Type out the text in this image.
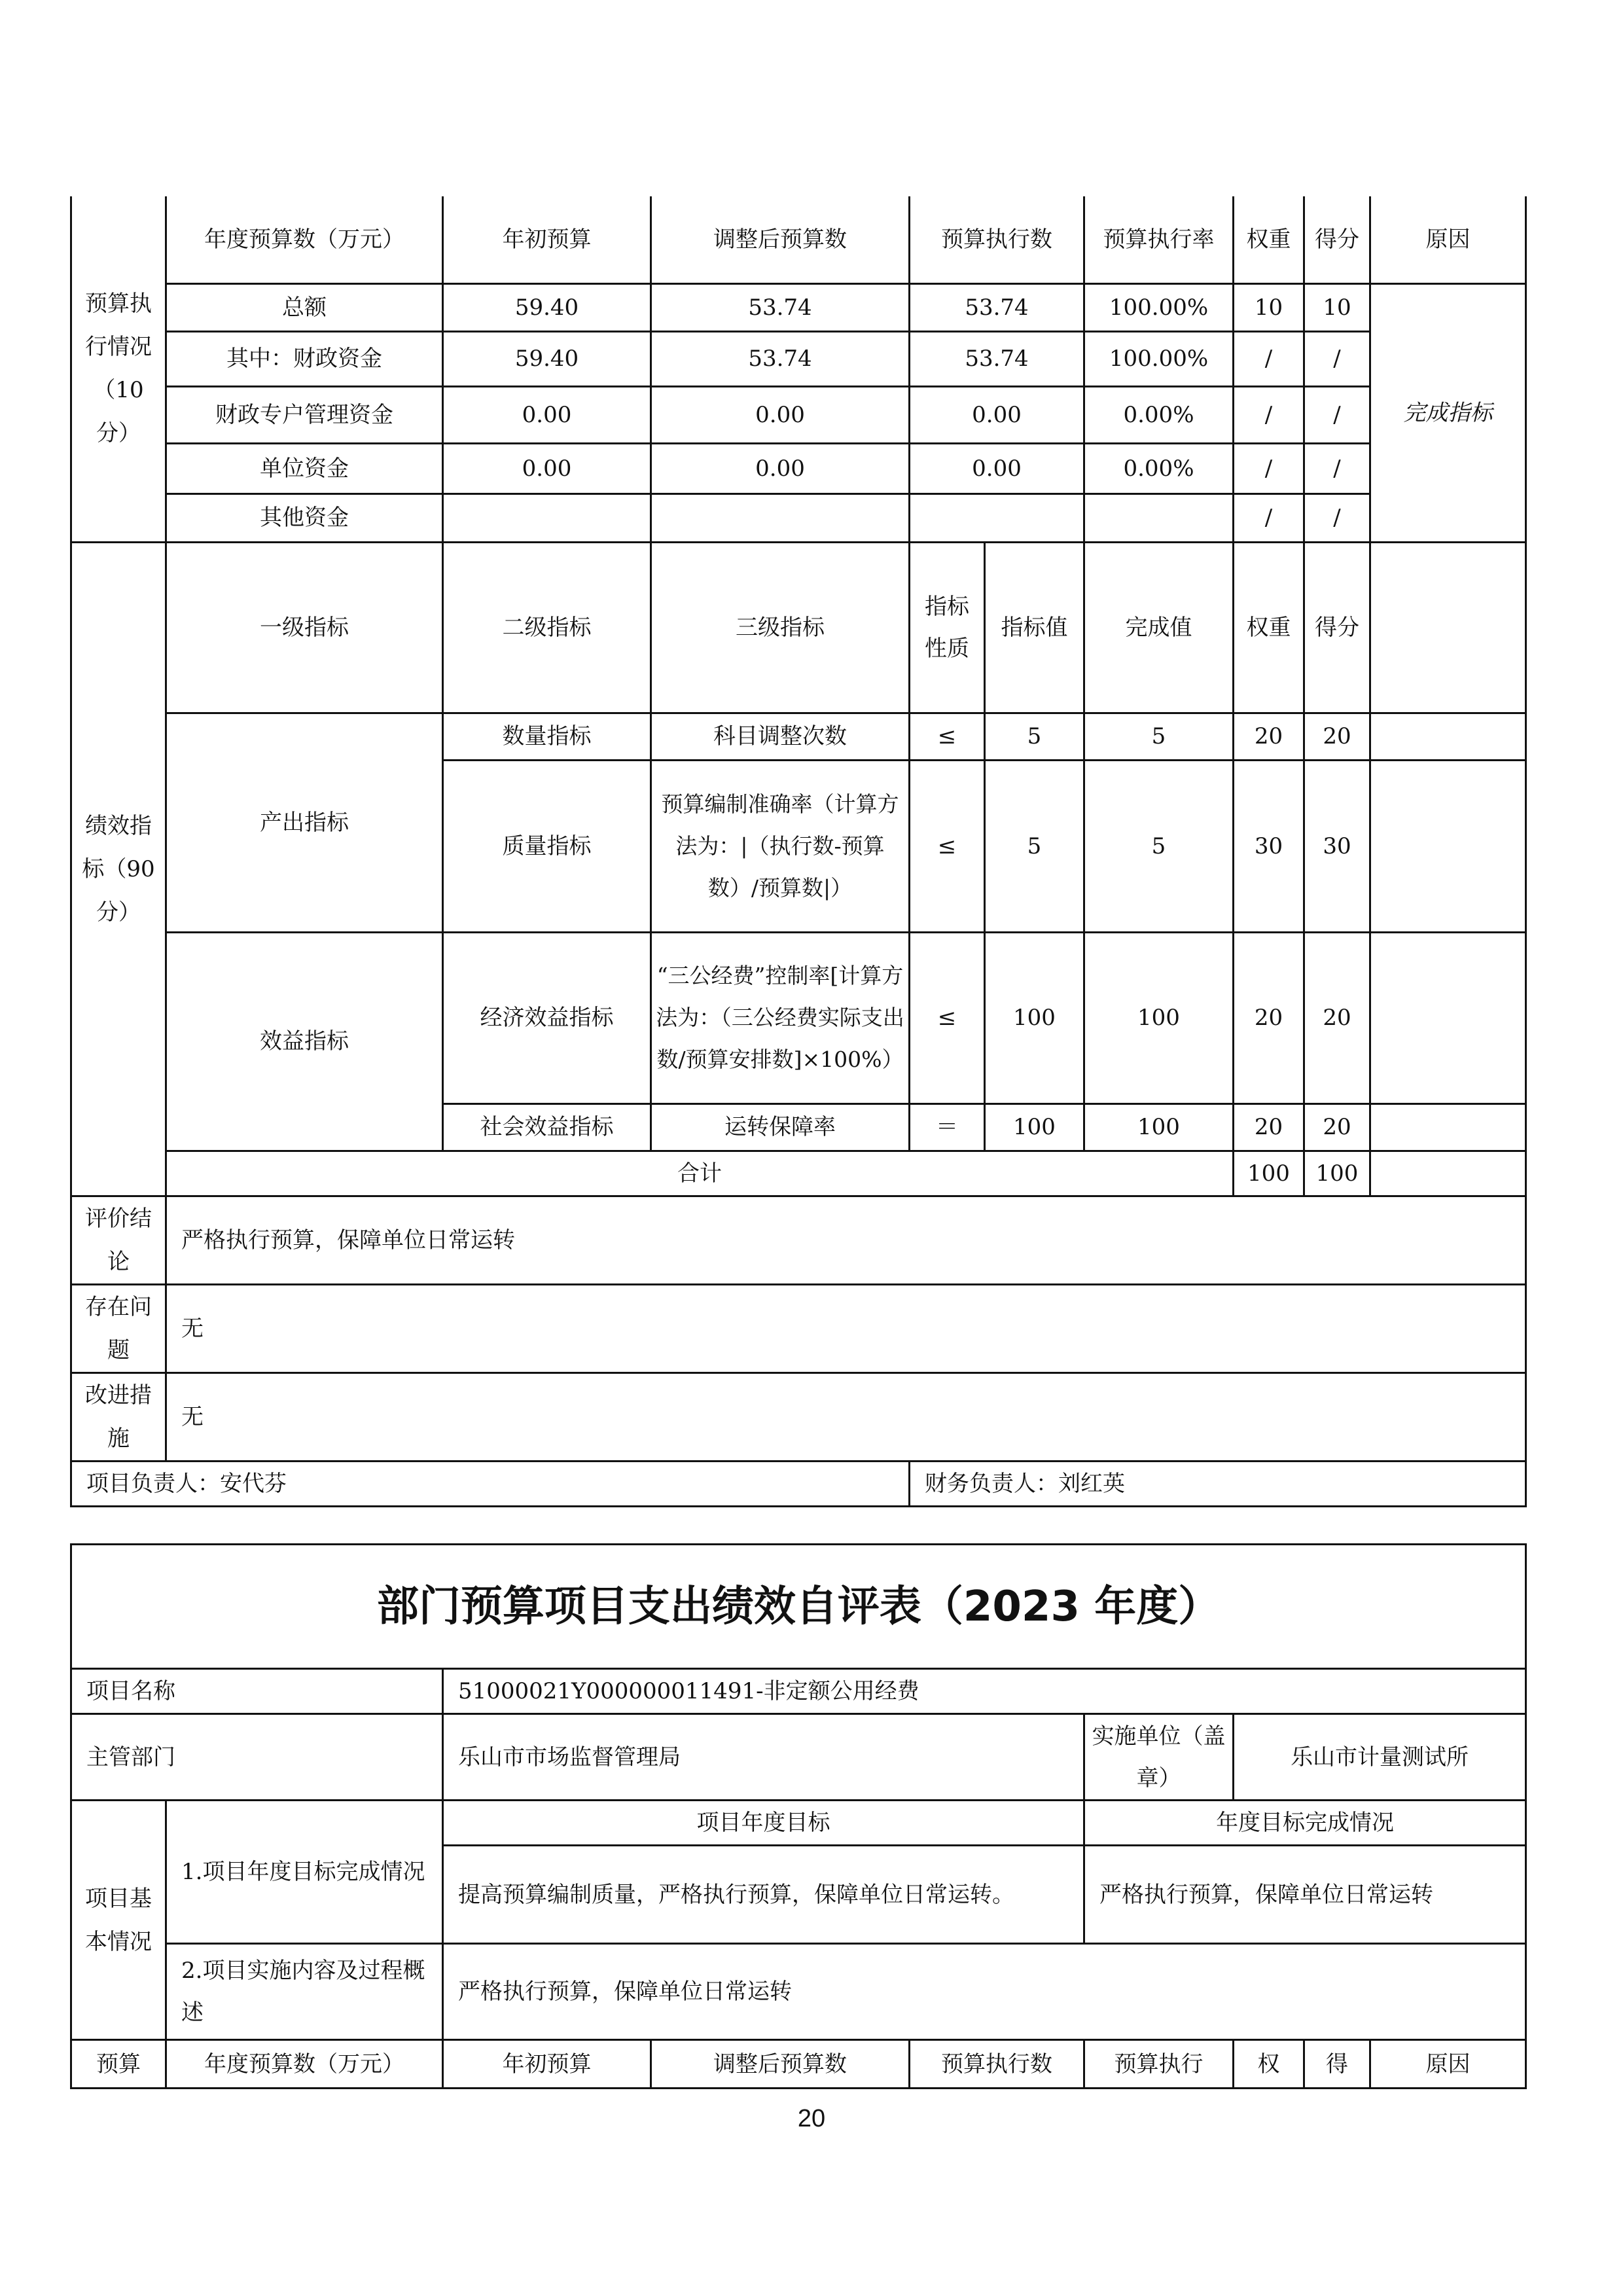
预算执行情况（10分）	年度预算数（万元）	年初预算	调整后预算数	预算执行数		预算执行率	权重	得分	原因
	总额	59.40	53.74	53.74		100.00%	10	10	完成指标
	其中：财政资金	59.40	53.74	53.74		100.00%	/	/	
	财政专户管理资金	0.00	0.00	0.00		0.00%	/	/	
	单位资金	0.00	0.00	0.00		0.00%	/	/	
	其他资金						/	/	
绩效指标（90分）	一级指标	二级指标	三级指标	指标性质	指标值	完成值	权重	得分	
	产出指标	数量指标	科目调整次数	≤	5	5	20	20	
		质量指标	预算编制准确率（计算方法为：|（执行数-预算数）/预算数|）	≤	5	5	30	30	
	效益指标	经济效益指标	“三公经费”控制率[计算方法为：（三公经费实际支出数/预算安排数]×100%）	≤	100	100	20	20	
		社会效益指标	运转保障率	＝	100	100	20	20	
	合计						100	100	
评价结论	严格执行预算，保障单位日常运转								
存在问题	无								
改进措施	无								
项目负责人：安代芬				财务负责人：刘红英					
部门预算项目支出绩效自评表（2023 年度）								
项目名称		51000021Y000000011491-非定额公用经费						
主管部门		乐山市市场监督管理局			实施单位（盖章）	乐山市计量测试所		
项目基本情况	1.项目年度目标完成情况	项目年度目标			年度目标完成情况			
		提高预算编制质量，严格执行预算，保障单位日常运转。			严格执行预算，保障单位日常运转			
	2.项目实施内容及过程概述	严格执行预算，保障单位日常运转						
预算	年度预算数（万元）	年初预算	调整后预算数	预算执行数	预算执行	权	得	原因
20
